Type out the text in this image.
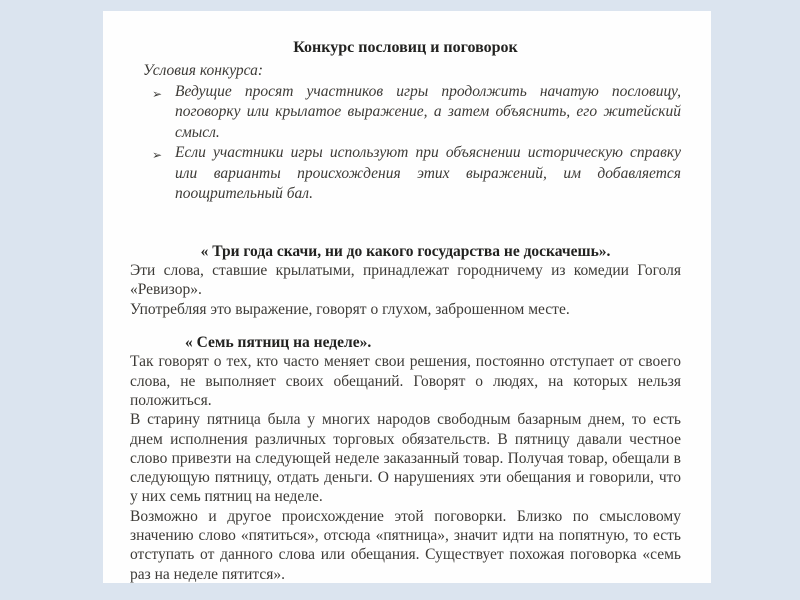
Конкурс пословиц и поговорок

Условия конкурса:

➢ Ведущие просят участников игры продолжить начатую пословицу, поговорку или крылатое выражение, а затем объяснить, его житейский смысл.
➢ Если участники игры используют при объяснении историческую справку или варианты происхождения этих выражений, им добавляется поощрительный бал.
« Три года скачи, ни до какого государства не доскачешь».

Эти слова, ставшие крылатыми, принадлежат городничему из комедии Гоголя «Ревизор».

Употребляя это выражение, говорят о глухом, заброшенном месте.

« Семь пятниц на неделе».

Так говорят о тех, кто часто меняет свои решения, постоянно отступает от своего слова, не выполняет своих обещаний. Говорят о людях, на которых нельзя положиться.

В старину пятница была у многих народов свободным базарным днем, то есть днем исполнения различных торговых обязательств. В пятницу давали честное слово привезти на следующей неделе заказанный товар. Получая товар, обещали в следующую пятницу, отдать деньги. О нарушениях эти обещания и говорили, что у них семь пятниц на неделе.

Возможно и другое происхождение этой поговорки. Близко по смысловому значению слово «пятиться», отсюда «пятница», значит идти на попятную, то есть отступать от данного слова или обещания. Существует похожая поговорка «семь раз на неделе пятится».
